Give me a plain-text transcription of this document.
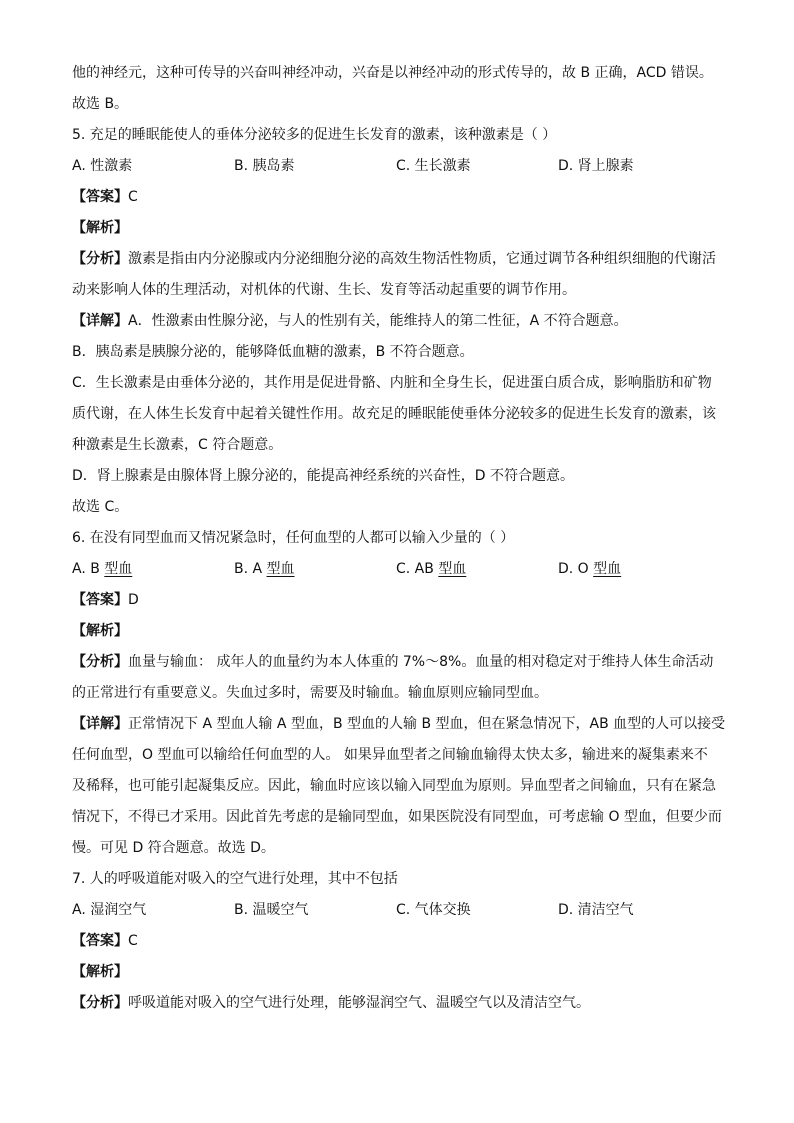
他的神经元，这种可传导的兴奋叫神经冲动，兴奋是以神经冲动的形式传导的，故 B 正确，ACD 错误。
故选 B。
5. 充足的睡眠能使人的垂体分泌较多的促进生长发育的激素，该种激素是（ ）
A. 性激素	B. 胰岛素	C. 生长激素	D. 肾上腺素
【答案】C
【解析】
【分析】激素是指由内分泌腺或内分泌细胞分泌的高效生物活性物质，它通过调节各种组织细胞的代谢活
动来影响人体的生理活动，对机体的代谢、生长、发育等活动起重要的调节作用。
【详解】A．性激素由性腺分泌，与人的性别有关，能维持人的第二性征，A 不符合题意。
B．胰岛素是胰腺分泌的，能够降低血糖的激素，B 不符合题意。
C．生长激素是由垂体分泌的，其作用是促进骨骼、内脏和全身生长，促进蛋白质合成，影响脂肪和矿物
质代谢，在人体生长发育中起着关键性作用。故充足的睡眠能使垂体分泌较多的促进生长发育的激素，该
种激素是生长激素，C 符合题意。
D．肾上腺素是由腺体肾上腺分泌的，能提高神经系统的兴奋性，D 不符合题意。
故选 C。
6. 在没有同型血而又情况紧急时，任何血型的人都可以输入少量的（ ）
A. B 型血	B. A 型血	C. AB 型血	D. O 型血
【答案】D
【解析】
【分析】血量与输血： 成年人的血量约为本人体重的 7%～8%。血量的相对稳定对于维持人体生命活动
的正常进行有重要意义。失血过多时，需要及时输血。输血原则应输同型血。
【详解】正常情况下 A 型血人输 A 型血，B 型血的人输 B 型血，但在紧急情况下，AB 血型的人可以接受
任何血型，O 型血可以输给任何血型的人。 如果异血型者之间输血输得太快太多，输进来的凝集素来不
及稀释，也可能引起凝集反应。因此，输血时应该以输入同型血为原则。异血型者之间输血，只有在紧急
情况下，不得已才采用。因此首先考虑的是输同型血，如果医院没有同型血，可考虑输 O 型血，但要少而
慢。可见 D 符合题意。故选 D。
7. 人的呼吸道能对吸入的空气进行处理，其中不包括
A. 湿润空气	B. 温暖空气	C. 气体交换	D. 清洁空气
【答案】C
【解析】
【分析】呼吸道能对吸入的空气进行处理，能够湿润空气、温暖空气以及清洁空气。
